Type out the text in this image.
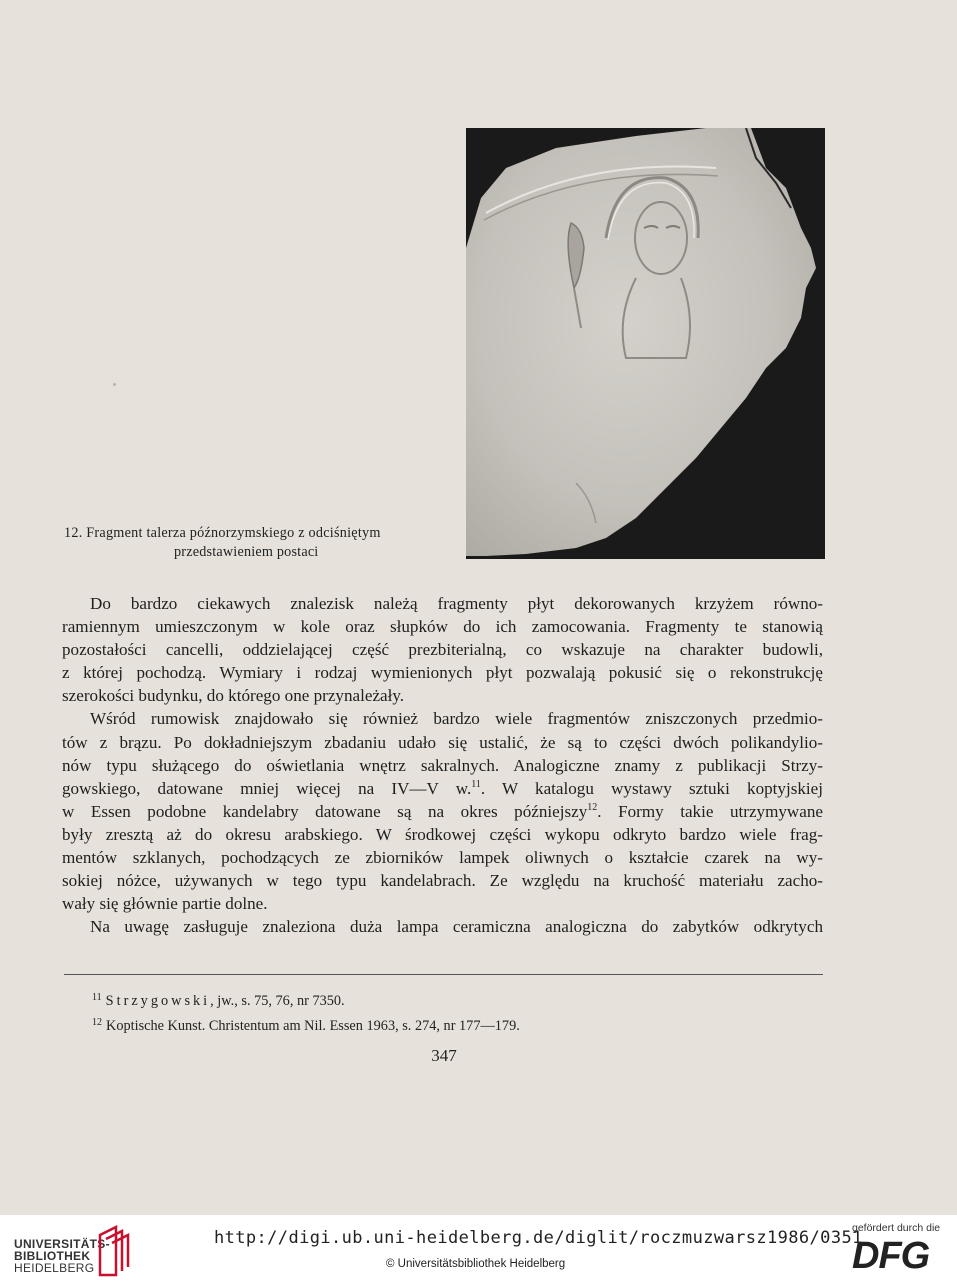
12. Fragment talerza późnorzymskiego z odciśniętym
przedstawieniem postaci

Do bardzo ciekawych znalezisk należą fragmenty płyt dekorowanych krzyżem równo-

ramiennym umieszczonym w kole oraz słupków do ich zamocowania. Fragmenty te stanowią

pozostałości cancelli, oddzielającej część prezbiterialną, co wskazuje na charakter budowli,

z której pochodzą. Wymiary i rodzaj wymienionych płyt pozwalają pokusić się o rekonstrukcję

szerokości budynku, do którego one przynależały.

Wśród rumowisk znajdowało się również bardzo wiele fragmentów zniszczonych przedmio-

tów z brązu. Po dokładniejszym zbadaniu udało się ustalić, że są to części dwóch polikandylio-

nów typu służącego do oświetlania wnętrz sakralnych. Analogiczne znamy z publikacji Strzy-

gowskiego, datowane mniej więcej na IV—V w.$^{11}$. W katalogu wystawy sztuki koptyjskiej

w Essen podobne kandelabry datowane są na okres późniejszy$^{12}$. Formy takie utrzymywane

były zresztą aż do okresu arabskiego. W środkowej części wykopu odkryto bardzo wiele frag-

mentów szklanych, pochodzących ze zbiorników lampek oliwnych o kształcie czarek na wy-

sokiej nóżce, używanych w tego typu kandelabrach. Ze względu na kruchość materiału zacho-

wały się głównie partie dolne.

Na uwagę zasługuje znaleziona duża lampa ceramiczna analogiczna do zabytków odkrytych

$^{11}$ Strzygowski, jw., s. 75, 76, nr 7350.
$^{12}$ Koptische Kunst. Christentum am Nil. Essen 1963, s. 274, nr 177—179.
347
UNIVERSITÄTS-
BIBLIOTHEK
HEIDELBERG
http://digi.ub.uni-heidelberg.de/diglit/roczmuzwarsz1986/0351
© Universitätsbibliothek Heidelberg
gefördert durch die
DFG
